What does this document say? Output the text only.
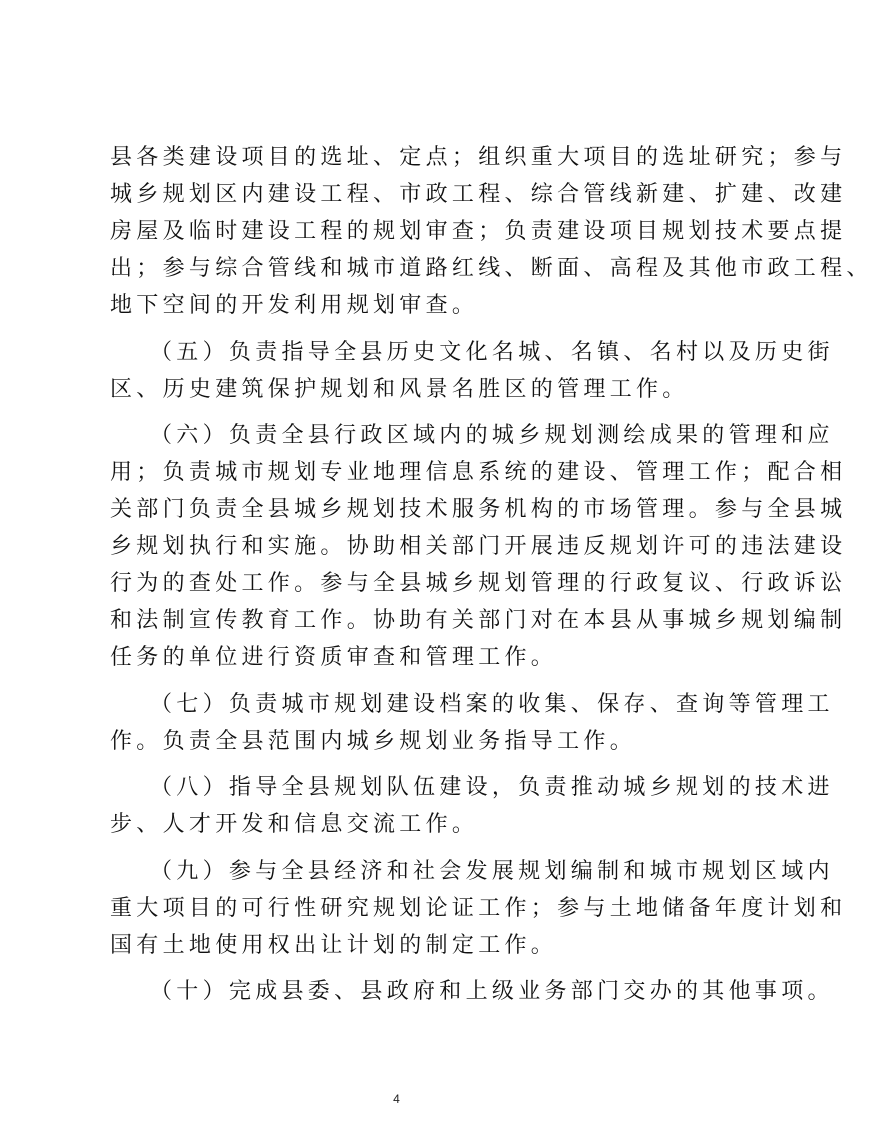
县各类建设项目的选址、定点；组织重大项目的选址研究；参与
城乡规划区内建设工程、市政工程、综合管线新建、扩建、改建
房屋及临时建设工程的规划审查；负责建设项目规划技术要点提
出；参与综合管线和城市道路红线、断面、高程及其他市政工程、
地下空间的开发利用规划审查。
（五）负责指导全县历史文化名城、名镇、名村以及历史街
区、历史建筑保护规划和风景名胜区的管理工作。
（六）负责全县行政区域内的城乡规划测绘成果的管理和应
用；负责城市规划专业地理信息系统的建设、管理工作；配合相
关部门负责全县城乡规划技术服务机构的市场管理。参与全县城
乡规划执行和实施。协助相关部门开展违反规划许可的违法建设
行为的查处工作。参与全县城乡规划管理的行政复议、行政诉讼
和法制宣传教育工作。协助有关部门对在本县从事城乡规划编制
任务的单位进行资质审查和管理工作。
（七）负责城市规划建设档案的收集、保存、查询等管理工
作。负责全县范围内城乡规划业务指导工作。
（八）指导全县规划队伍建设，负责推动城乡规划的技术进
步、人才开发和信息交流工作。
（九）参与全县经济和社会发展规划编制和城市规划区域内
重大项目的可行性研究规划论证工作；参与土地储备年度计划和
国有土地使用权出让计划的制定工作。
（十）完成县委、县政府和上级业务部门交办的其他事项。
4
